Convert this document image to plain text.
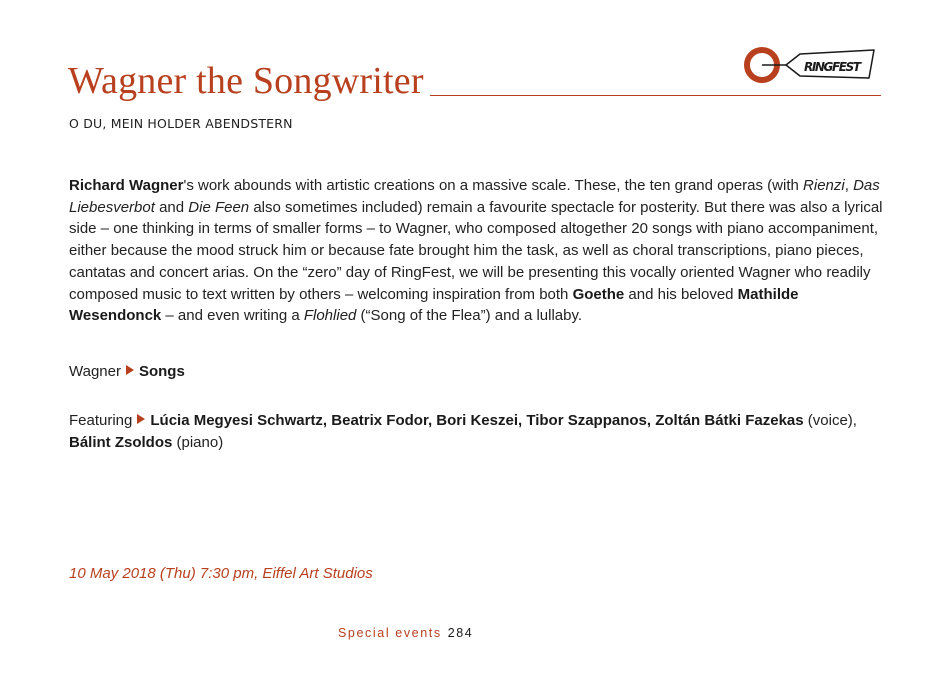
RINGFEST
Wagner the Songwriter
O DU, MEIN HOLDER ABENDSTERN
Richard Wagner's work abounds with artistic creations on a massive scale. These, the ten grand operas (with Rienzi, Das Liebesverbot and Die Feen also sometimes included) remain a favourite spectacle for posterity. But there was also a lyrical side – one thinking in terms of smaller forms – to Wagner, who composed altogether 20 songs with piano accompaniment, either because the mood struck him or because fate brought him the task, as well as choral transcriptions, piano pieces, cantatas and concert arias. On the “zero” day of RingFest, we will be presenting this vocally oriented Wagner who readily composed music to text written by others – welcoming inspiration from both Goethe and his beloved Mathilde Wesendonck – and even writing a Flohlied (“Song of the Flea”) and a lullaby.
Wagner Songs
Featuring Lúcia Megyesi Schwartz, Beatrix Fodor, Bori Keszei, Tibor Szappanos, Zoltán Bátki Fazekas (voice),
Bálint Zsoldos (piano)
10 May 2018 (Thu) 7:30 pm, Eiffel Art Studios
Special events 284
